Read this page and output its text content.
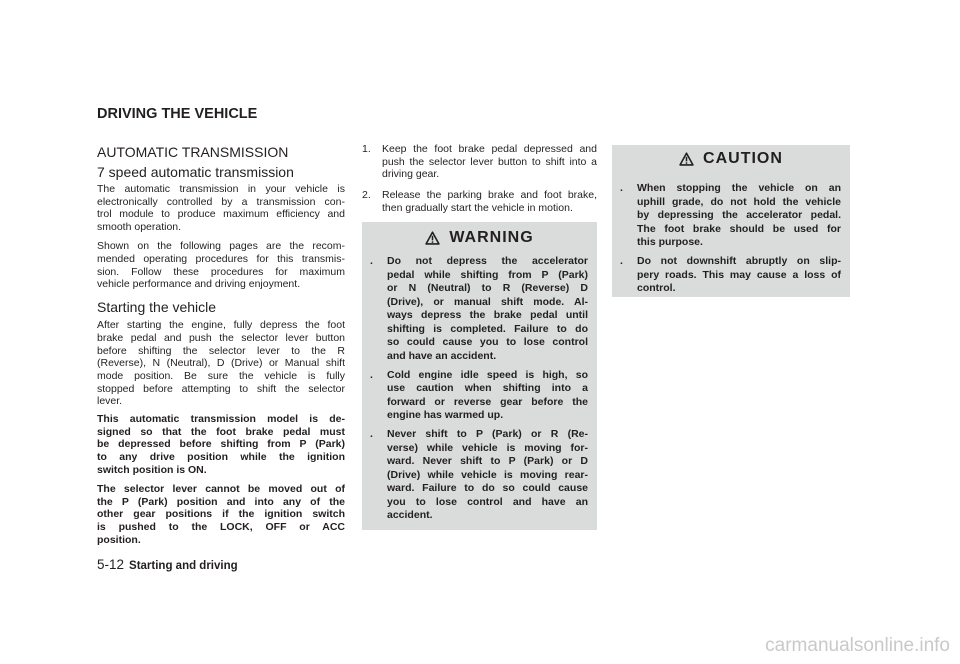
DRIVING THE VEHICLE
AUTOMATIC TRANSMISSION
7 speed automatic transmission
The automatic transmission in your vehicle is
electronically controlled by a transmission con-
trol module to produce maximum efficiency and
smooth operation.
Shown on the following pages are the recom-
mended operating procedures for this transmis-
sion. Follow these procedures for maximum
vehicle performance and driving enjoyment.
Starting the vehicle
After starting the engine, fully depress the foot
brake pedal and push the selector lever button
before shifting the selector lever to the R
(Reverse), N (Neutral), D (Drive) or Manual shift
mode position. Be sure the vehicle is fully
stopped before attempting to shift the selector
lever.
This automatic transmission model is de-
signed so that the foot brake pedal must
be depressed before shifting from P (Park)
to any drive position while the ignition
switch position is ON.
The selector lever cannot be moved out of
the P (Park) position and into any of the
other gear positions if the ignition switch
is pushed to the LOCK, OFF or ACC
position.
1. Keep the foot brake pedal depressed and
push the selector lever button to shift into a
driving gear.
2. Release the parking brake and foot brake,
then gradually start the vehicle in motion.
WARNING
. Do not depress the accelerator
pedal while shifting from P (Park)
or N (Neutral) to R (Reverse) D
(Drive), or manual shift mode. Al-
ways depress the brake pedal until
shifting is completed. Failure to do
so could cause you to lose control
and have an accident.
. Cold engine idle speed is high, so
use caution when shifting into a
forward or reverse gear before the
engine has warmed up.
. Never shift to P (Park) or R (Re-
verse) while vehicle is moving for-
ward. Never shift to P (Park) or D
(Drive) while vehicle is moving rear-
ward. Failure to do so could cause
you to lose control and have an
accident.
CAUTION
. When stopping the vehicle on an
uphill grade, do not hold the vehicle
by depressing the accelerator pedal.
The foot brake should be used for
this purpose.
. Do not downshift abruptly on slip-
pery roads. This may cause a loss of
control.
5-12 Starting and driving
carmanualsonline.info
